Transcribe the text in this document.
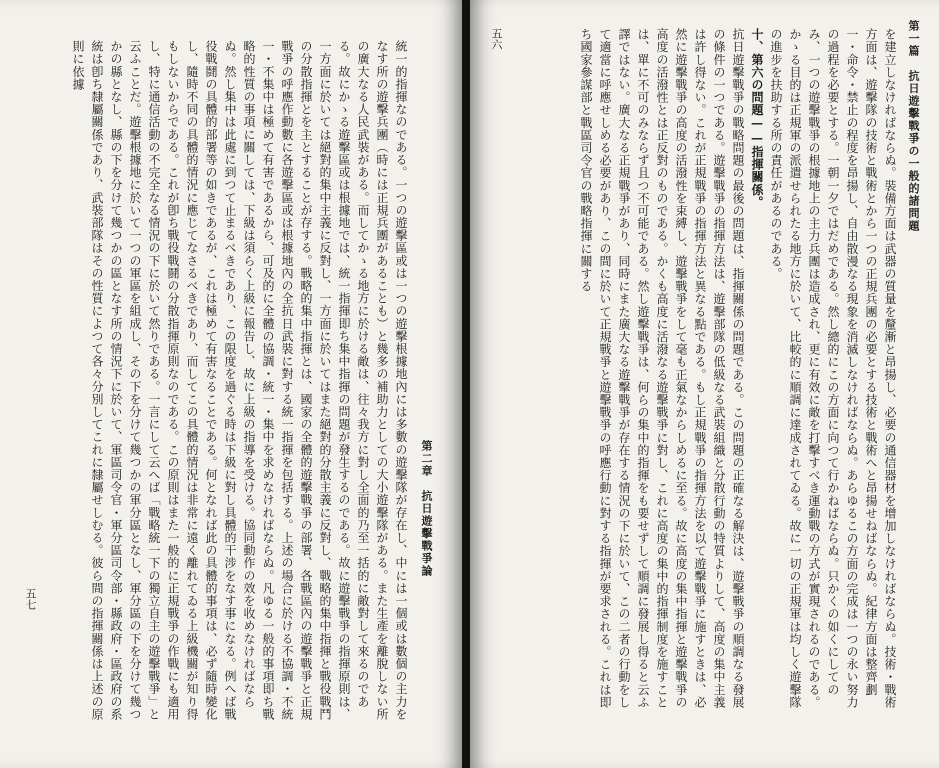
第一篇　抗日遊擊戰爭の一般的諸問題
五六	を建立しなければならぬ。裝備方面は武器の質量を釐漸と昂揚し、必要の通信器材を增加しなければならぬ。技術・戰術方面は、遊擊隊の技術と戰術とから一つの正規兵團の必要とする技術と戰術へと昂揚せねばならぬ。紀律方面は整齊劃一・命令・禁止の程度を昂揚し、自由散漫なる現象を消滅しなければならぬ。あらゆるこの方面の完成は一つの永い努力の過程を必要とする。一朝一夕ではだめである。然し總的にこの方面に向つて行かねばならぬ。只かくの如くにしてのみ、一つの遊擊戰爭の根據地上の主力兵團は造成され、更に有效に敵を打擊すべき運動戰の方式が實現されるのである。かゝる目的は正規軍の派遣せられたる地方に於いて、比較的に順調に達成されてゐる。故に一切の正規軍は均しく遊擊隊の進步を扶助する所の責任があるのである。
十、第六の問題——指揮關係。
抗日遊擊戰爭の戰略問題の最後の問題は、指揮關係の問題である。この問題の正確なる解決は、遊擊戰爭の順調なる發展の條件の一つである。遊擊戰爭の指揮方法は、遊擊部隊の低級なる武裝組織と分散行動の特質よりして、高度の集中主義は許し得ない。これが正規戰爭の指揮方法と異なる點である。もし正規戰爭の指揮方法を以て遊擊戰爭に施すときは、必然に遊擊戰爭の高度の活潑性を束縛し、遊擊戰爭をして毫も正氣なからしめるに至る。故に高度の集中指揮と遊擊戰爭の高度の活潑性とは正反對のものである。かくも高度に活潑なる遊擊戰爭に對し、これに高度の集中的指揮制度を施すことは、單に不可のみならず且つ不可能である。然し遊擊戰爭は、何らの集中的指揮をも要せずして順調に發展し得ると云ふ譯ではない。廣大なる正規戰爭があり、同時にまた廣大なる遊擊戰爭が存在する情況の下に於いて、この二者の行動をして適當に呼應せしめる必要があり、この間に於いて正規戰爭と遊擊戰爭の呼應行動に對する指揮が要求される。これは即ち國家參謀部と戰區司令官の戰略指揮に關する
第二章　抗日遊擊戰爭論
五七	統一的指揮なのである。一つの遊擊區或は一つの遊擊根據地內には多數の遊擊隊が存在し、中には一個或は數個の主力をなす所の遊擊兵團（時には正規兵團があることも）と幾多の補助力としての大小遊擊隊がある。また生產を離脫しない所の廣大なる人民武裝がある。而してかゝる地方に於ける敵は、往々我方に對し全面的乃至一括的に敵對して來るのである。故にかゝる遊擊區或は根據地では、統一指揮即ち集中指揮の問題が發生するのである。故に遊擊戰爭の指揮原則は、一方面に於いては絕對的集中主義に反對し、一方面に於いてはまた絕對的分散主義に反對し、戰略的集中指揮と戰役戰鬥の分散指揮とを主とすることが存する。戰略的集中指揮とは、國家の全體的遊擊戰爭の部署、各戰區內の遊擊戰爭と正規戰爭の呼應作動數に各遊擊區或は根據地內の全抗日武裝に對する統一指揮を包括する。上述の場合に於ける不協調・不統一・不集中は極めて有害であるから、可及的に全體の協調・統一・集中を求めなければならぬ。凡ゆる一般的事項即ち戰略的性質の事項に關しては、下級は須らく上級に報告し、故に上級の指導を受ける。協同動作の效を收めなければならぬ。然し集中は此處に到つて止まるべきであり、この限度を過ぐる時は下級に對し具體的干涉をなす事になる。例へば戰役戰鬪の具體的部署等の如きであるが、これは極めて有害なることである。何となれば此の具體的事項は、必ず隨時變化し、隨時不同の具體的情況に應じてなさるべきであり、而してこの具體的情況は非常に遠く離れてゐる上級機關が知り得もしないからである。これが卽ち戰役戰鬪の分散指揮原則なのである。この原則はまた一般的に正規戰爭の作戰にも適用し、特に通信活動の不完全なる情況の下に於いて然りである。一言にして云へば「戰略統一下の獨立自主の遊擊戰爭」と云ふことだ。遊擊根據地に於いて一つの軍區を組成し、その下を分けて幾つかの軍分區となし、軍分區の下を分けて幾つかの縣となし、縣の下を分けて幾つかの區となす所の情況下に於いて、軍區司令官・軍分區司令部・縣政府・區政府の系統は卽ち隸屬關係であり、武裝部隊はその性質によつて各々分別してこれに隸屬せしむる。彼ら間の指揮關係は上述の原則に依據
